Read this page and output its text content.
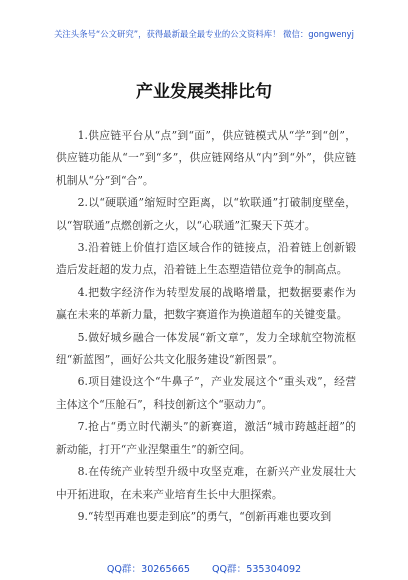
关注头条号“公文研究”，获得最新最全最专业的公文资料库！ 微信：gongwenyj
产业发展类排比句

1.供应链平台从“点”到“面”，供应链模式从“学”到“创”，供应链功能从“一”到“多”，供应链网络从“内”到“外”，供应链机制从“分”到“合”。

2.以“硬联通”缩短时空距离，以“软联通”打破制度壁垒，以“智联通”点燃创新之火，以“心联通”汇聚天下英才。

3.沿着链上价值打造区域合作的链接点，沿着链上创新锻造后发赶超的发力点，沿着链上生态塑造错位竞争的制高点。

4.把数字经济作为转型发展的战略增量，把数据要素作为赢在未来的革新力量，把数字赛道作为换道超车的关键变量。

5.做好城乡融合一体发展“新文章”，发力全球航空物流枢纽“新蓝图”，画好公共文化服务建设“新图景”。

6.项目建设这个“牛鼻子”，产业发展这个“重头戏”，经营主体这个“压舱石”，科技创新这个“驱动力”。

7.抢占“勇立时代潮头”的新赛道，激活“城市跨越赶超”的新动能，打开“产业涅槃重生”的新空间。

8.在传统产业转型升级中攻坚克难，在新兴产业发展壮大中开拓进取，在未来产业培育生长中大胆探索。

9.“转型再难也要走到底”的勇气，“创新再难也要攻到

QQ群：30265665 QQ群：535304092
